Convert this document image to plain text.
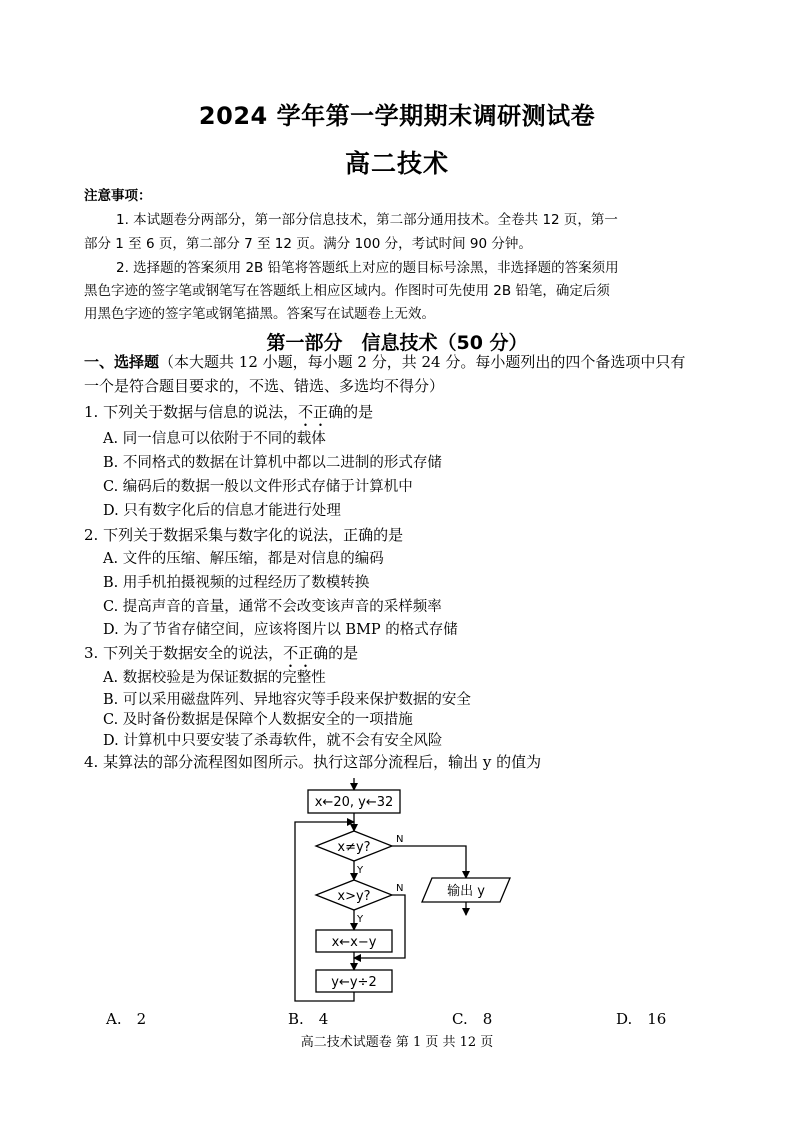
2024 学年第一学期期末调研测试卷
高二技术
注意事项：
1. 本试题卷分两部分，第一部分信息技术，第二部分通用技术。全卷共 12 页，第一
部分 1 至 6 页，第二部分 7 至 12 页。满分 100 分，考试时间 90 分钟。
2. 选择题的答案须用 2B 铅笔将答题纸上对应的题目标号涂黑，非选择题的答案须用
黑色字迹的签字笔或钢笔写在答题纸上相应区域内。作图时可先使用 2B 铅笔，确定后须
用黑色字迹的签字笔或钢笔描黑。答案写在试题卷上无效。
第一部分　信息技术（50 分）
一、选择题（本大题共 12 小题，每小题 2 分，共 24 分。每小题列出的四个备选项中只有
一个是符合题目要求的，不选、错选、多选均不得分）
1. 下列关于数据与信息的说法，不正确的是
A. 同一信息可以依附于不同的载体
B. 不同格式的数据在计算机中都以二进制的形式存储
C. 编码后的数据一般以文件形式存储于计算机中
D. 只有数字化后的信息才能进行处理
2. 下列关于数据采集与数字化的说法，正确的是
A. 文件的压缩、解压缩，都是对信息的编码
B. 用手机拍摄视频的过程经历了数模转换
C. 提高声音的音量，通常不会改变该声音的采样频率
D. 为了节省存储空间，应该将图片以 BMP 的格式存储
3. 下列关于数据安全的说法，不正确的是
A. 数据校验是为保证数据的完整性
B. 可以采用磁盘阵列、异地容灾等手段来保护数据的安全
C. 及时备份数据是保障个人数据安全的一项措施
D. 计算机中只要安装了杀毒软件，就不会有安全风险
4. 某算法的部分流程图如图所示。执行这部分流程后，输出 y 的值为
x←20, y←32
x≠y?
x>y?
x←x−y
y←y÷2
输出 y
N
Y
N
Y
A.　2	B.　4	C.　8	D.　16
高二技术试题卷 第 1 页 共 12 页
